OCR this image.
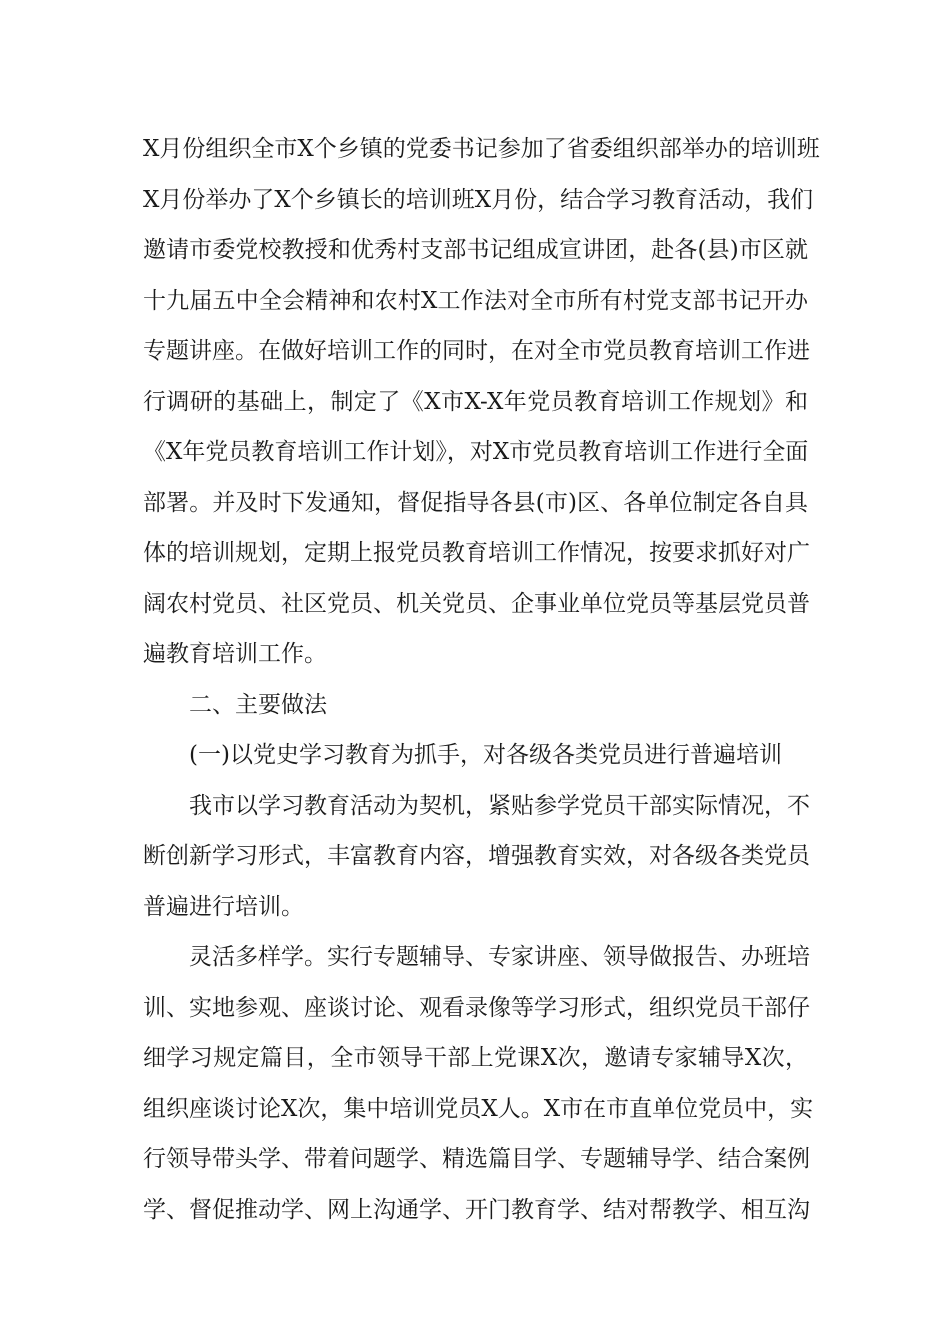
X月份组织全市X个乡镇的党委书记参加了省委组织部举办的培训班
X月份举办了X个乡镇长的培训班X月份，结合学习教育活动，我们
邀请市委党校教授和优秀村支部书记组成宣讲团，赴各(县)市区就
十九届五中全会精神和农村X工作法对全市所有村党支部书记开办
专题讲座。在做好培训工作的同时，在对全市党员教育培训工作进
行调研的基础上，制定了《X市X-X年党员教育培训工作规划》和
《X年党员教育培训工作计划》，对X市党员教育培训工作进行全面
部署。并及时下发通知，督促指导各县(市)区、各单位制定各自具
体的培训规划，定期上报党员教育培训工作情况，按要求抓好对广
阔农村党员、社区党员、机关党员、企事业单位党员等基层党员普
遍教育培训工作。
二、主要做法
(一)以党史学习教育为抓手，对各级各类党员进行普遍培训
我市以学习教育活动为契机，紧贴参学党员干部实际情况，不
断创新学习形式，丰富教育内容，增强教育实效，对各级各类党员
普遍进行培训。
灵活多样学。实行专题辅导、专家讲座、领导做报告、办班培
训、实地参观、座谈讨论、观看录像等学习形式，组织党员干部仔
细学习规定篇目，全市领导干部上党课X次，邀请专家辅导X次，
组织座谈讨论X次，集中培训党员X人。X市在市直单位党员中，实
行领导带头学、带着问题学、精选篇目学、专题辅导学、结合案例
学、督促推动学、网上沟通学、开门教育学、结对帮教学、相互沟
